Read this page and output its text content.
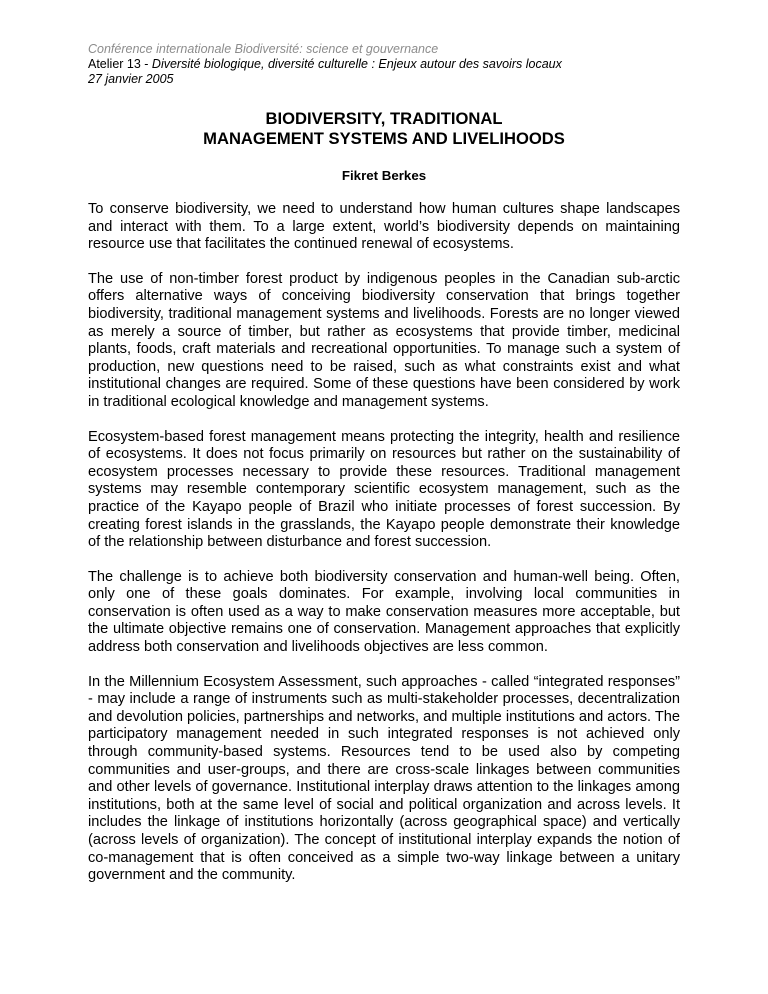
Conférence internationale Biodiversité: science et gouvernance
Atelier 13 - Diversité biologique, diversité culturelle : Enjeux autour des savoirs locaux
27 janvier 2005
BIODIVERSITY, TRADITIONAL
MANAGEMENT SYSTEMS AND LIVELIHOODS
Fikret Berkes

To conserve biodiversity, we need to understand how human cultures shape landscapes and interact with them. To a large extent, world’s biodiversity depends on maintaining resource use that facilitates the continued renewal of ecosystems.

The use of non-timber forest product by indigenous peoples in the Canadian sub-arctic offers alternative ways of conceiving biodiversity conservation that brings together biodiversity, traditional management systems and livelihoods. Forests are no longer viewed as merely a source of timber, but rather as ecosystems that provide timber, medicinal plants, foods, craft materials and recreational opportunities. To manage such a system of production, new questions need to be raised, such as what constraints exist and what institutional changes are required. Some of these questions have been considered by work in traditional ecological knowledge and management systems.

Ecosystem-based forest management means protecting the integrity, health and resilience of ecosystems. It does not focus primarily on resources but rather on the sustainability of ecosystem processes necessary to provide these resources. Traditional management systems may resemble contemporary scientific ecosystem management, such as the practice of the Kayapo people of Brazil who initiate processes of forest succession. By creating forest islands in the grasslands, the Kayapo people demonstrate their knowledge of the relationship between disturbance and forest succession.

The challenge is to achieve both biodiversity conservation and human-well being. Often, only one of these goals dominates. For example, involving local communities in conservation is often used as a way to make conservation measures more acceptable, but the ultimate objective remains one of conservation. Management approaches that explicitly address both conservation and livelihoods objectives are less common.

In the Millennium Ecosystem Assessment, such approaches - called “integrated responses” - may include a range of instruments such as multi-stakeholder processes, decentralization and devolution policies, partnerships and networks, and multiple institutions and actors. The participatory management needed in such integrated responses is not achieved only through community-based systems. Resources tend to be used also by competing communities and user-groups, and there are cross-scale linkages between communities and other levels of governance. Institutional interplay draws attention to the linkages among institutions, both at the same level of social and political organization and across levels. It includes the linkage of institutions horizontally (across geographical space) and vertically (across levels of organization). The concept of institutional interplay expands the notion of co-management that is often conceived as a simple two-way linkage between a unitary government and the community.
